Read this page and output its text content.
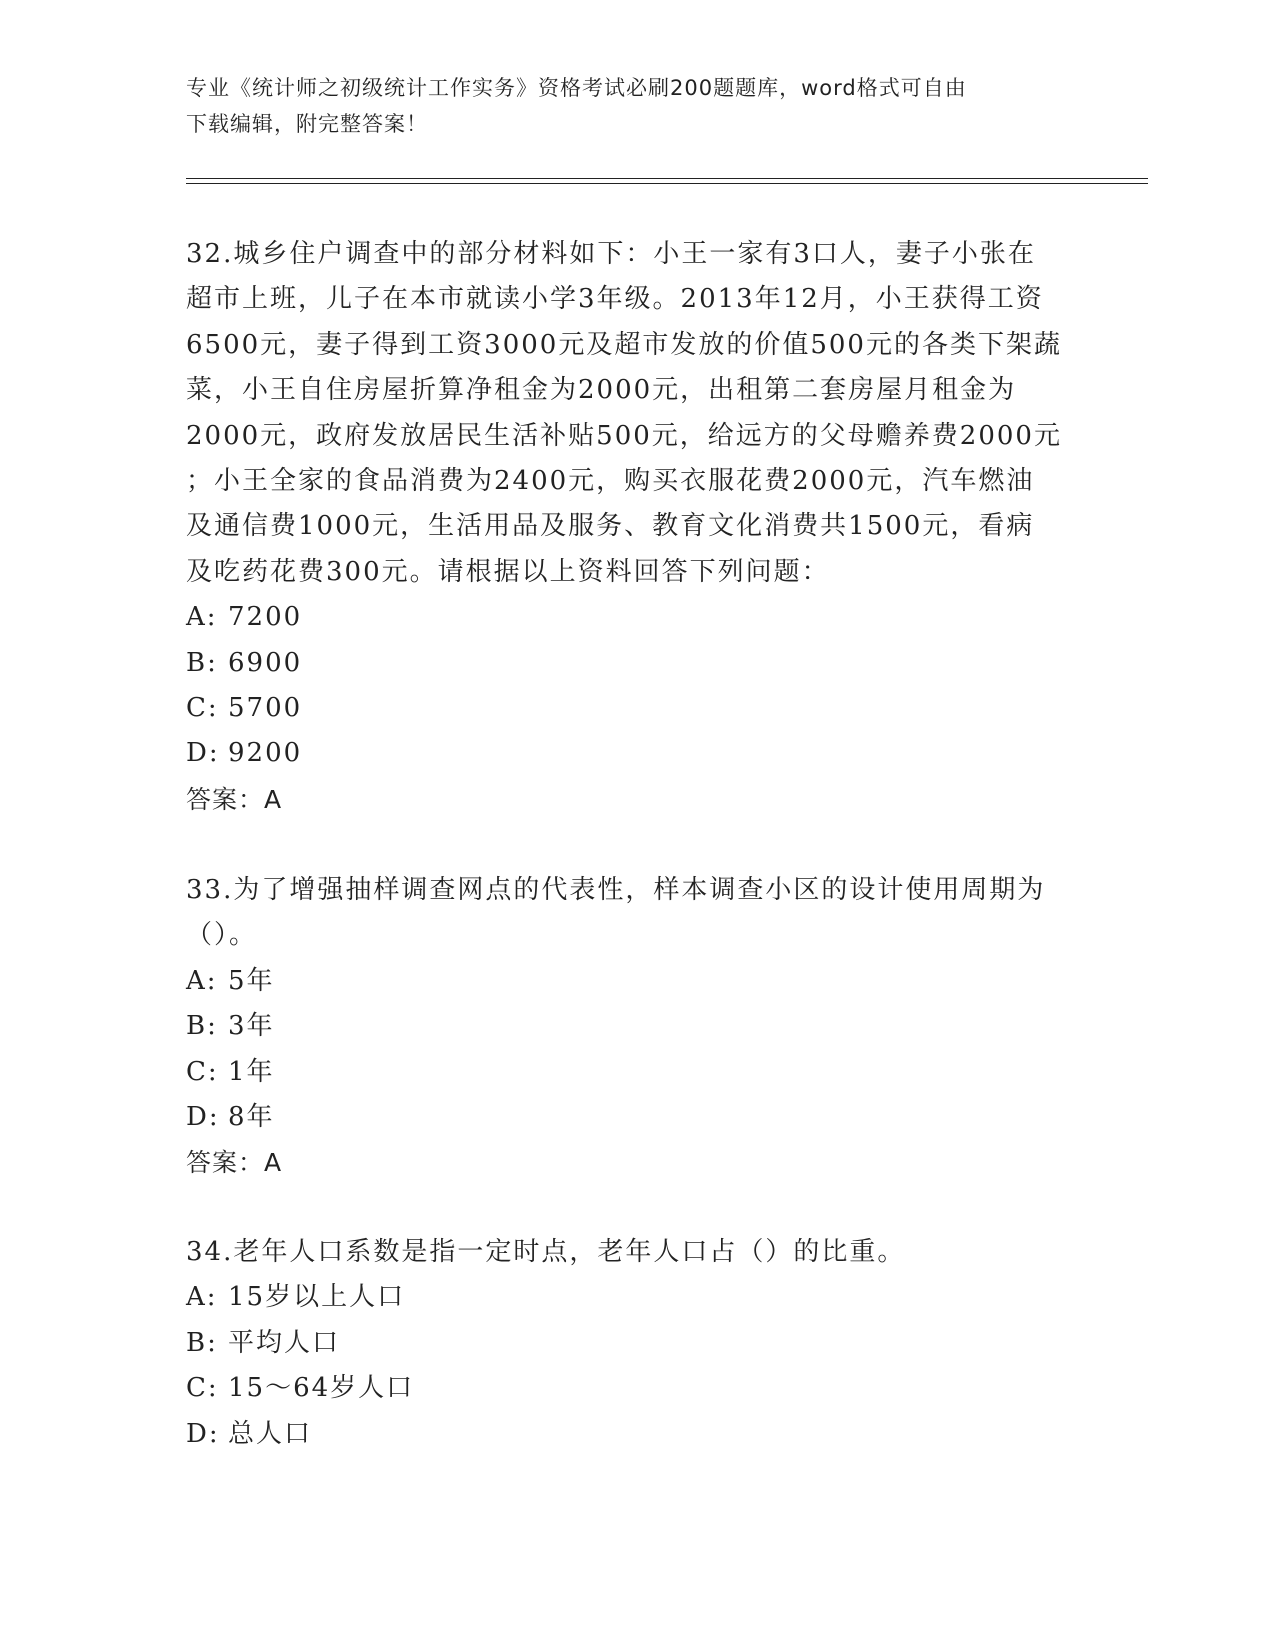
专业《统计师之初级统计工作实务》资格考试必刷200题题库，word格式可自由
下载编辑，附完整答案！
32.城乡住户调查中的部分材料如下：小王一家有3口人，妻子小张在
超市上班，儿子在本市就读小学3年级。2013年12月，小王获得工资
6500元，妻子得到工资3000元及超市发放的价值500元的各类下架蔬
菜，小王自住房屋折算净租金为2000元，出租第二套房屋月租金为
2000元，政府发放居民生活补贴500元，给远方的父母赡养费2000元
；小王全家的食品消费为2400元，购买衣服花费2000元，汽车燃油
及通信费1000元，生活用品及服务、教育文化消费共1500元，看病
及吃药花费300元。请根据以上资料回答下列问题：
A: 7200
B: 6900
C: 5700
D: 9200
答案：A
33.为了增强抽样调查网点的代表性，样本调查小区的设计使用周期为
（）。
A: 5年
B: 3年
C: 1年
D: 8年
答案：A
34.老年人口系数是指一定时点，老年人口占（）的比重。
A: 15岁以上人口
B: 平均人口
C: 15～64岁人口
D: 总人口
